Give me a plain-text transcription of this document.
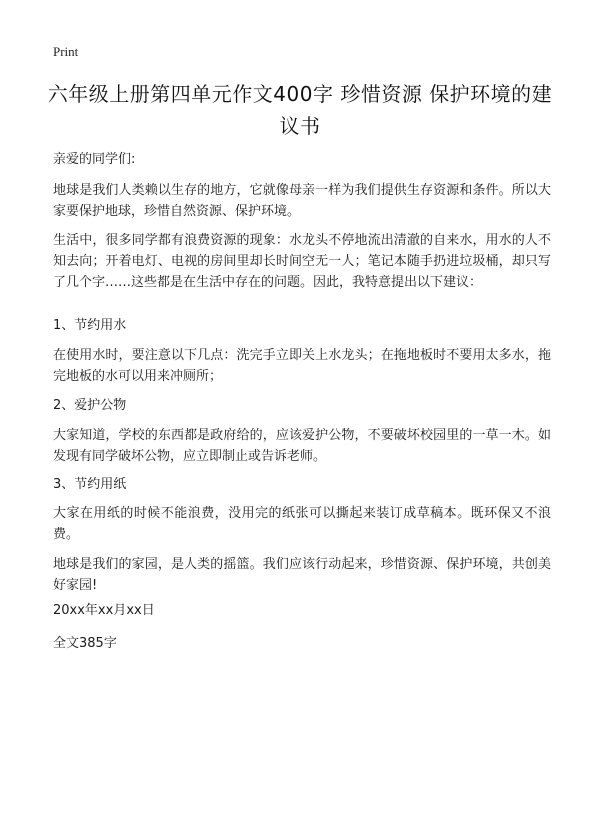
Print
六年级上册第四单元作文400字 珍惜资源 保护环境的建议书
亲爱的同学们:
地球是我们人类赖以生存的地方，它就像母亲一样为我们提供生存资源和条件。所以大家要保护地球，珍惜自然资源、保护环境。
生活中，很多同学都有浪费资源的现象：水龙头不停地流出清澈的自来水，用水的人不知去向；开着电灯、电视的房间里却长时间空无一人；笔记本随手扔进垃圾桶，却只写了几个字……这些都是在生活中存在的问题。因此，我特意提出以下建议：
1、节约用水
在使用水时，要注意以下几点：洗完手立即关上水龙头；在拖地板时不要用太多水，拖完地板的水可以用来冲厕所；
2、爱护公物
大家知道，学校的东西都是政府给的，应该爱护公物，不要破坏校园里的一草一木。如发现有同学破坏公物，应立即制止或告诉老师。
3、节约用纸
大家在用纸的时候不能浪费，没用完的纸张可以撕起来装订成草稿本。既环保又不浪费。
地球是我们的家园，是人类的摇篮。我们应该行动起来，珍惜资源、保护环境，共创美好家园!
20xx年xx月xx日
全文385字
